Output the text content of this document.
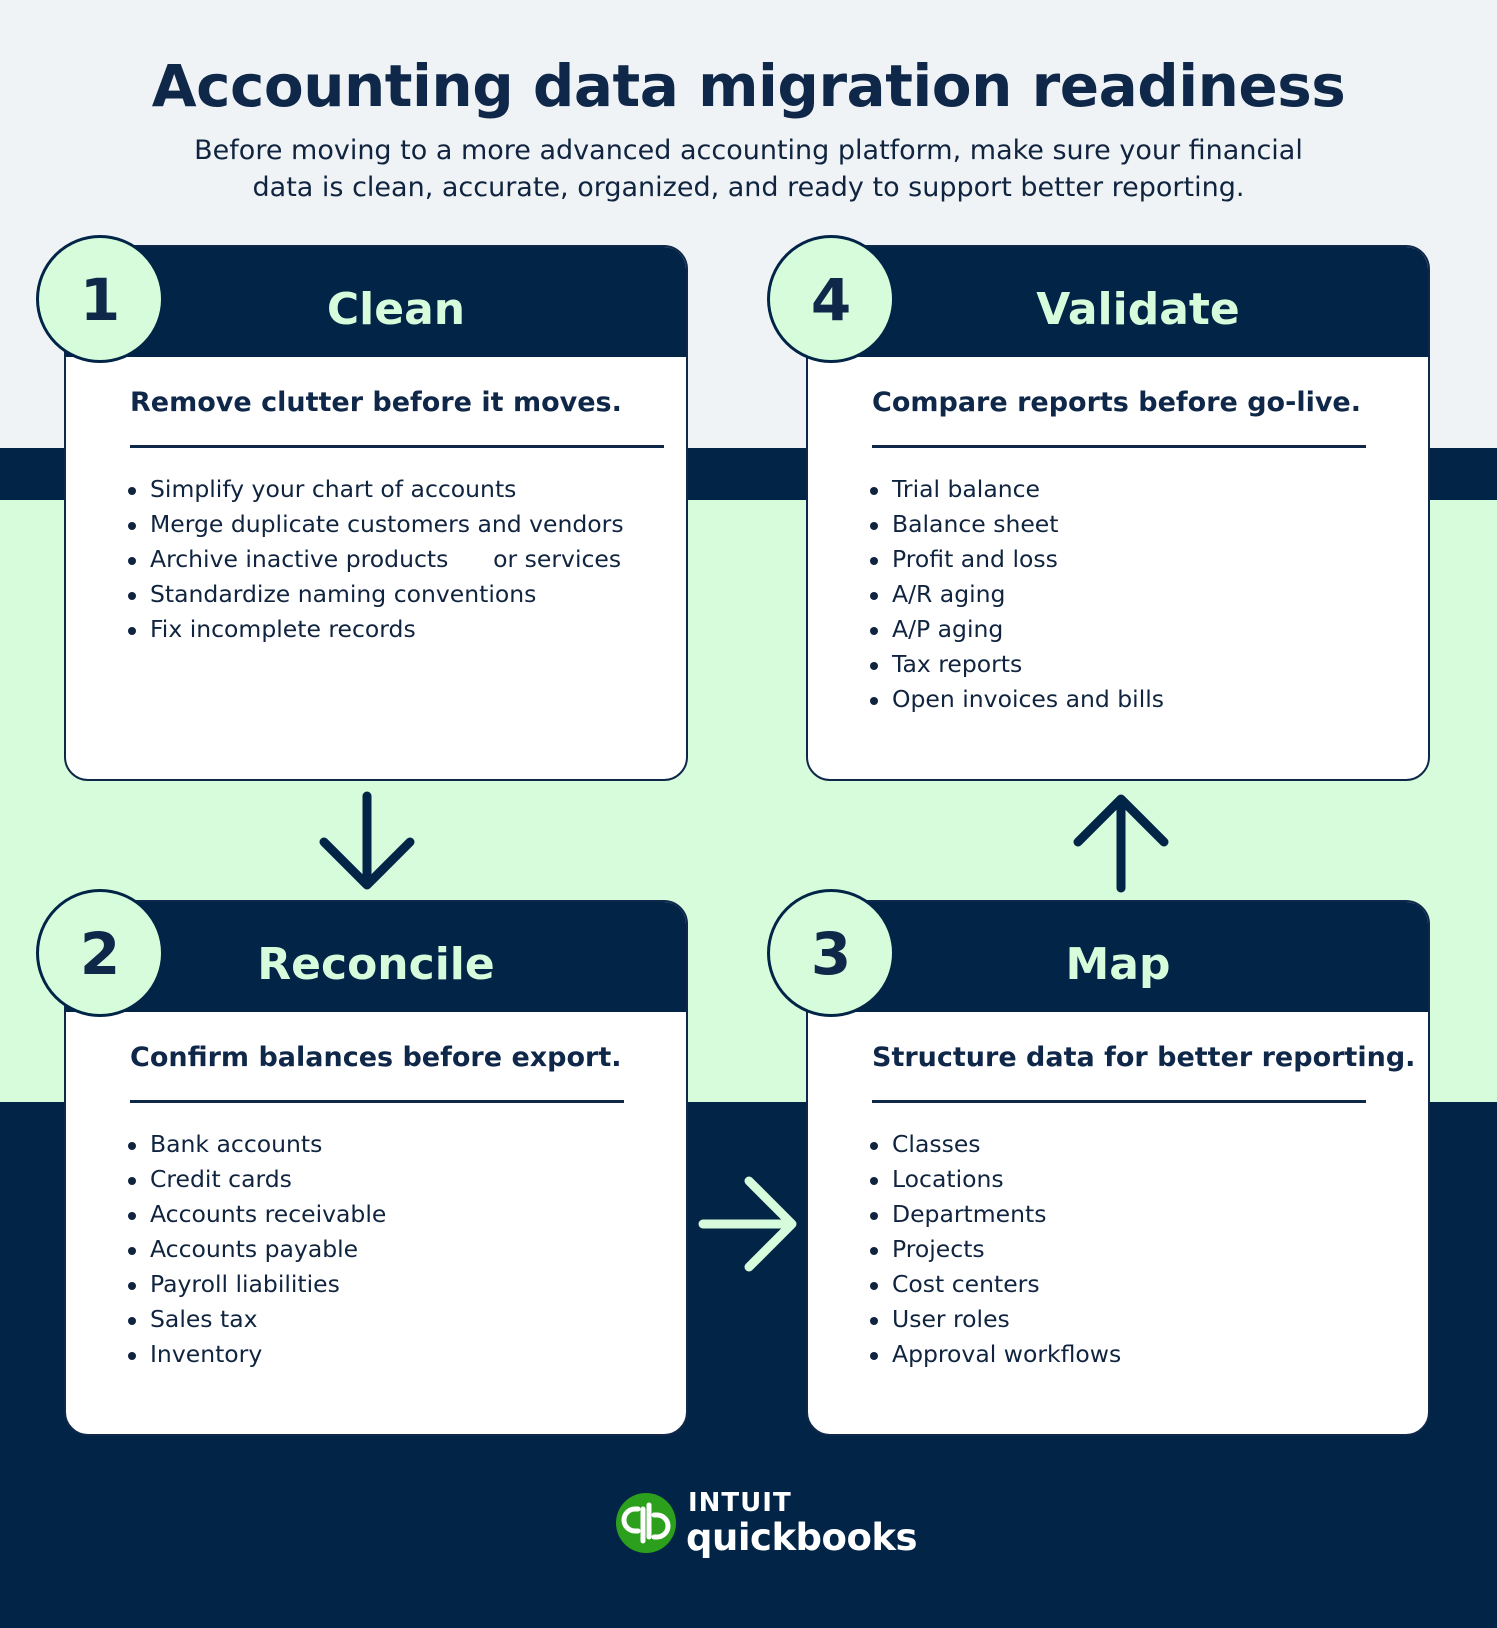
Accounting data migration readiness
Before moving to a more advanced accounting platform, make sure your financial data is clean, accurate, organized, and ready to support better reporting.
Clean
Remove clutter before it moves.
Simplify your chart of accounts
Merge duplicate customers and vendors
Archive inactive products      or services
Standardize naming conventions
Fix incomplete records
Validate
Compare reports before go-live.
Trial balance
Balance sheet
Profit and loss
A/R aging
A/P aging
Tax reports
Open invoices and bills
Reconcile
Confirm balances before export.
Bank accounts
Credit cards
Accounts receivable
Accounts payable
Payroll liabilities
Sales tax
Inventory
Map
Structure data for better reporting.
Classes
Locations
Departments
Projects
Cost centers
User roles
Approval workflows
1	4
2	3
INTUIT
quickbooks
